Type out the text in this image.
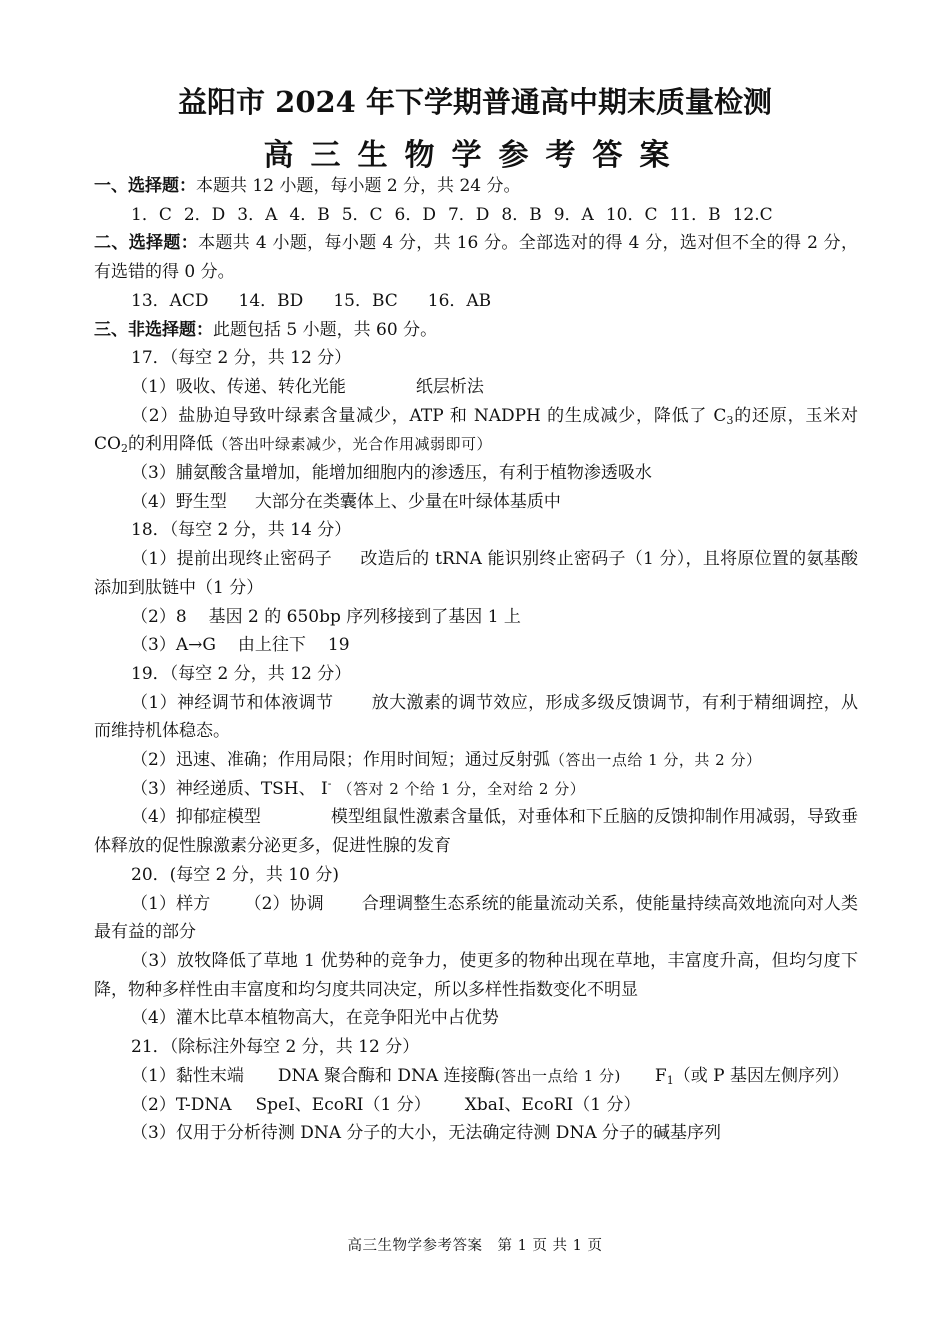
益阳市 2024 年下学期普通高中期末质量检测
高三生物学参考答案

一、选择题：本题共 12 小题，每小题 2 分，共 24 分。

1．C 2．D 3．A 4．B 5．C 6．D 7．D 8．B 9．A 10．C 11．B 12.C

二、选择题：本题共 4 小题，每小题 4 分，共 16 分。全部选对的得 4 分，选对但不全的得 2 分，有选错的得 0 分。

13．ACD 14．BD 15．BC 16．AB

三、非选择题：此题包括 5 小题，共 60 分。

17．（每空 2 分，共 12 分）

（1）吸收、传递、转化光能	纸层析法

（2）盐胁迫导致叶绿素含量减少，ATP 和 NADPH 的生成减少，降低了 $C_3$的还原，玉米对 $CO_2$的利用降低（答出叶绿素减少，光合作用减弱即可）

（3）脯氨酸含量增加，能增加细胞内的渗透压，有利于植物渗透吸水

（4）野生型 大部分在类囊体上、少量在叶绿体基质中

18．（每空 2 分，共 14 分）

（1）提前出现终止密码子 改造后的 tRNA 能识别终止密码子（1 分），且将原位置的氨基酸添加到肽链中（1 分）

（2）8 基因 2 的 650bp 序列移接到了基因 1 上

（3）A→G 由上往下 19

19．（每空 2 分，共 12 分）

（1）神经调节和体液调节 放大激素的调节效应，形成多级反馈调节，有利于精细调控，从而维持机体稳态。

（2）迅速、准确；作用局限；作用时间短；通过反射弧（答出一点给 1 分，共 2 分）

（3）神经递质、TSH、 I- （答对 2 个给 1 分，全对给 2 分）

（4）抑郁症模型	模型组鼠性激素含量低，对垂体和下丘脑的反馈抑制作用减弱，导致垂体释放的促性腺激素分泌更多，促进性腺的发育

20．(每空 2 分，共 10 分)

（1）样方 （2）协调 合理调整生态系统的能量流动关系，使能量持续高效地流向对人类最有益的部分

（3）放牧降低了草地 1 优势种的竞争力，使更多的物种出现在草地，丰富度升高，但均匀度下降，物种多样性由丰富度和均匀度共同决定，所以多样性指数变化不明显

（4）灌木比草本植物高大，在竞争阳光中占优势

21．（除标注外每空 2 分，共 12 分）

（1）黏性末端 DNA 聚合酶和 DNA 连接酶(答出一点给 1 分) $F_1$（或 P 基因左侧序列）

（2）T-DNA SpeI、EcoRI（1 分） XbaI、EcoRI（1 分）

（3）仅用于分析待测 DNA 分子的大小，无法确定待测 DNA 分子的碱基序列

高三生物学参考答案　第 1 页 共 1 页
